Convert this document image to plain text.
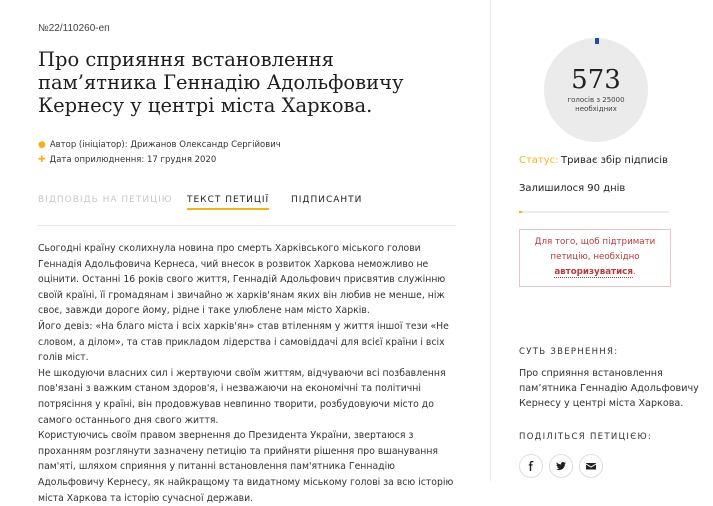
№22/110260-еп
Про сприяння встановлення пам’ятника Геннадію Адольфовичу Кернесу у центрі міста Харкова.
● Автор (ініціатор): Дрижанов Олександр Сергійович
✚ Дата оприлюднення: 17 грудня 2020
ВІДПОВІДЬ НА ПЕТИЦІЮ ТЕКСТ ПЕТИЦІЇ ПІДПИСАНТИ

Сьогодні країну сколихнула новина про смерть Харківського міського голови Геннадія Адольфовича Кернеса, чий внесок в розвиток Харкова неможливо не оцінити. Останні 16 років свого життя, Геннадій Адольфович присвятив служінню своїй країні, її громадянам і звичайно ж харків'янам яких він любив не менше, ніж своє, завжди дороге йому, рідне і таке улюблене нам місто Харків.

Його девіз: «На благо міста і всіх харків'ян» став втіленням у життя іншої тези «Не словом, а ділом», та став прикладом лідерства і самовіддачі для всієї країни і всіх голів міст.

Не шкодуючи власних сил і жертвуючи своїм життям, відчуваючи всі позбавлення пов'язані з важким станом здоров'я, і незважаючи на економічні та політичні потрясіння у країні, він продовжував невпинно творити, розбудовуючи місто до самого останнього дня свого життя.

Користуючись своїм правом звернення до Президента України, звертаюся з проханням розглянути зазначену петицію та прийняти рішення про вшанування пам'яті, шляхом сприяння у питанні встановлення пам'ятника Геннадію Адольфовичу Кернесу, як найкращому та видатному міському голові за всю історію міста Харкова та історію сучасної держави.

573
голосів з 25000 необхідних
Статус: Триває збір підписів
Залишилося 90 днів
Для того, щоб підтримати петицію, необхідно авторизуватися.
СУТЬ ЗВЕРНЕННЯ:
Про сприяння встановлення пам’ятника Геннадію Адольфовичу Кернесу у центрі міста Харкова.
ПОДІЛІТЬСЯ ПЕТИЦІЄЮ:
